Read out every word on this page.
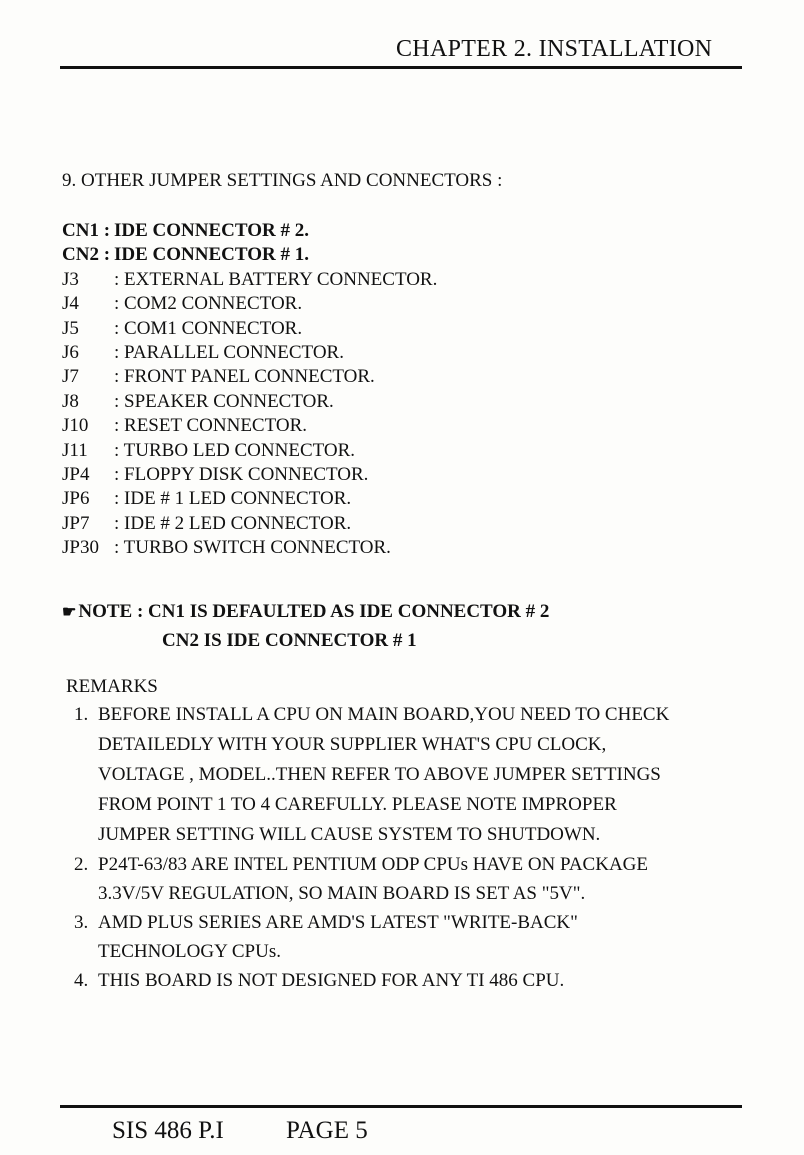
CHAPTER 2. INSTALLATION
9. OTHER JUMPER SETTINGS AND CONNECTORS :
CN1 : IDE CONNECTOR # 2.
CN2 : IDE CONNECTOR # 1.
J3 : EXTERNAL BATTERY CONNECTOR.
J4 : COM2 CONNECTOR.
J5 : COM1 CONNECTOR.
J6 : PARALLEL CONNECTOR.
J7 : FRONT PANEL CONNECTOR.
J8 : SPEAKER CONNECTOR.
J10 : RESET CONNECTOR.
J11 : TURBO LED CONNECTOR.
JP4 : FLOPPY DISK CONNECTOR.
JP6 : IDE # 1 LED CONNECTOR.
JP7 : IDE # 2 LED CONNECTOR.
JP30 : TURBO SWITCH CONNECTOR.
☛ NOTE : CN1 IS DEFAULTED AS IDE CONNECTOR # 2
CN2 IS IDE CONNECTOR # 1
REMARKS
1. BEFORE INSTALL A CPU ON MAIN BOARD,YOU NEED TO CHECK
DETAILEDLY WITH YOUR SUPPLIER WHAT'S CPU CLOCK,
VOLTAGE , MODEL..THEN REFER TO ABOVE JUMPER SETTINGS
FROM POINT 1 TO 4 CAREFULLY. PLEASE NOTE IMPROPER
JUMPER SETTING WILL CAUSE SYSTEM TO SHUTDOWN.
2. P24T-63/83 ARE INTEL PENTIUM ODP CPUs HAVE ON PACKAGE
3.3V/5V REGULATION, SO MAIN BOARD IS SET AS "5V".
3. AMD PLUS SERIES ARE AMD'S LATEST "WRITE-BACK"
TECHNOLOGY CPUs.
4. THIS BOARD IS NOT DESIGNED FOR ANY TI 486 CPU.
SIS 486 P.I PAGE 5
